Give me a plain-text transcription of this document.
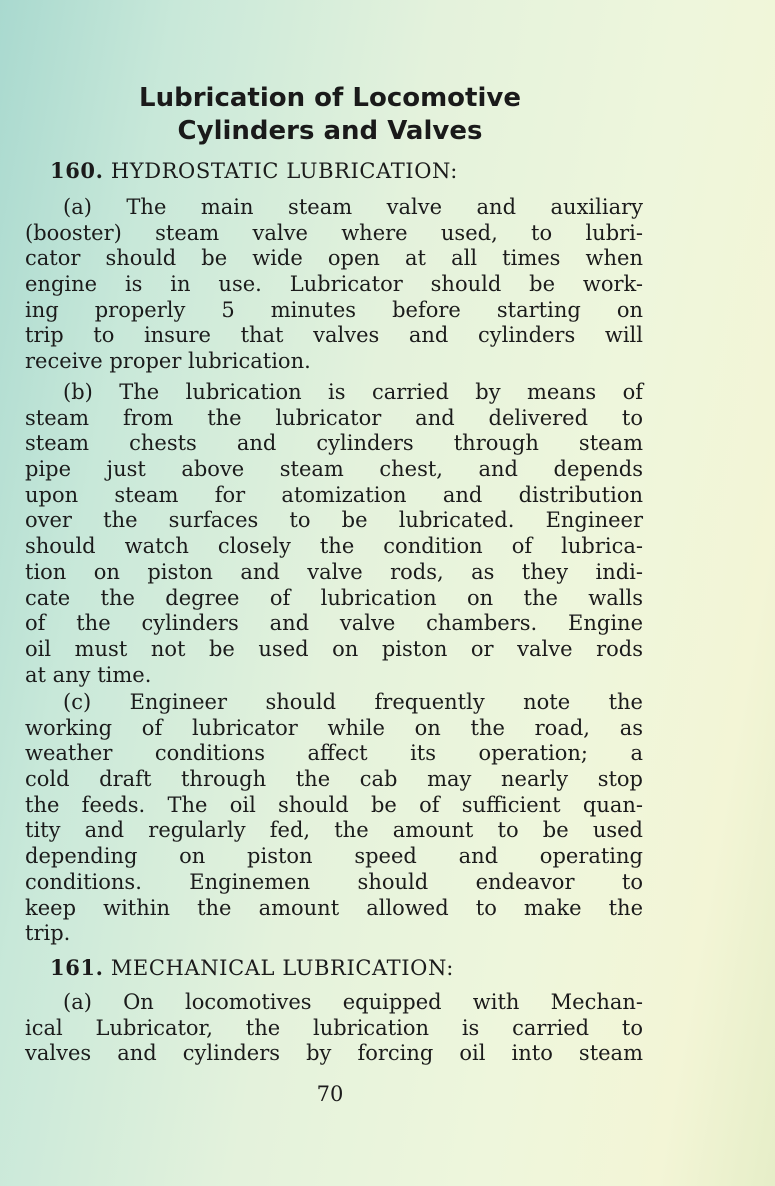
Lubrication of Locomotive
Cylinders and Valves
160. HYDROSTATIC LUBRICATION:
(a) The main steam valve and auxiliary
(booster) steam valve where used, to lubri-
cator should be wide open at all times when
engine is in use. Lubricator should be work-
ing properly 5 minutes before starting on
trip to insure that valves and cylinders will
receive proper lubrication.
(b) The lubrication is carried by means of
steam from the lubricator and delivered to
steam chests and cylinders through steam
pipe just above steam chest, and depends
upon steam for atomization and distribution
over the surfaces to be lubricated. Engineer
should watch closely the condition of lubrica-
tion on piston and valve rods, as they indi-
cate the degree of lubrication on the walls
of the cylinders and valve chambers. Engine
oil must not be used on piston or valve rods
at any time.
(c) Engineer should frequently note the
working of lubricator while on the road, as
weather conditions affect its operation; a
cold draft through the cab may nearly stop
the feeds. The oil should be of sufficient quan-
tity and regularly fed, the amount to be used
depending on piston speed and operating
conditions. Enginemen should endeavor to
keep within the amount allowed to make the
trip.
161. MECHANICAL LUBRICATION:
(a) On locomotives equipped with Mechan-
ical Lubricator, the lubrication is carried to
valves and cylinders by forcing oil into steam
70
